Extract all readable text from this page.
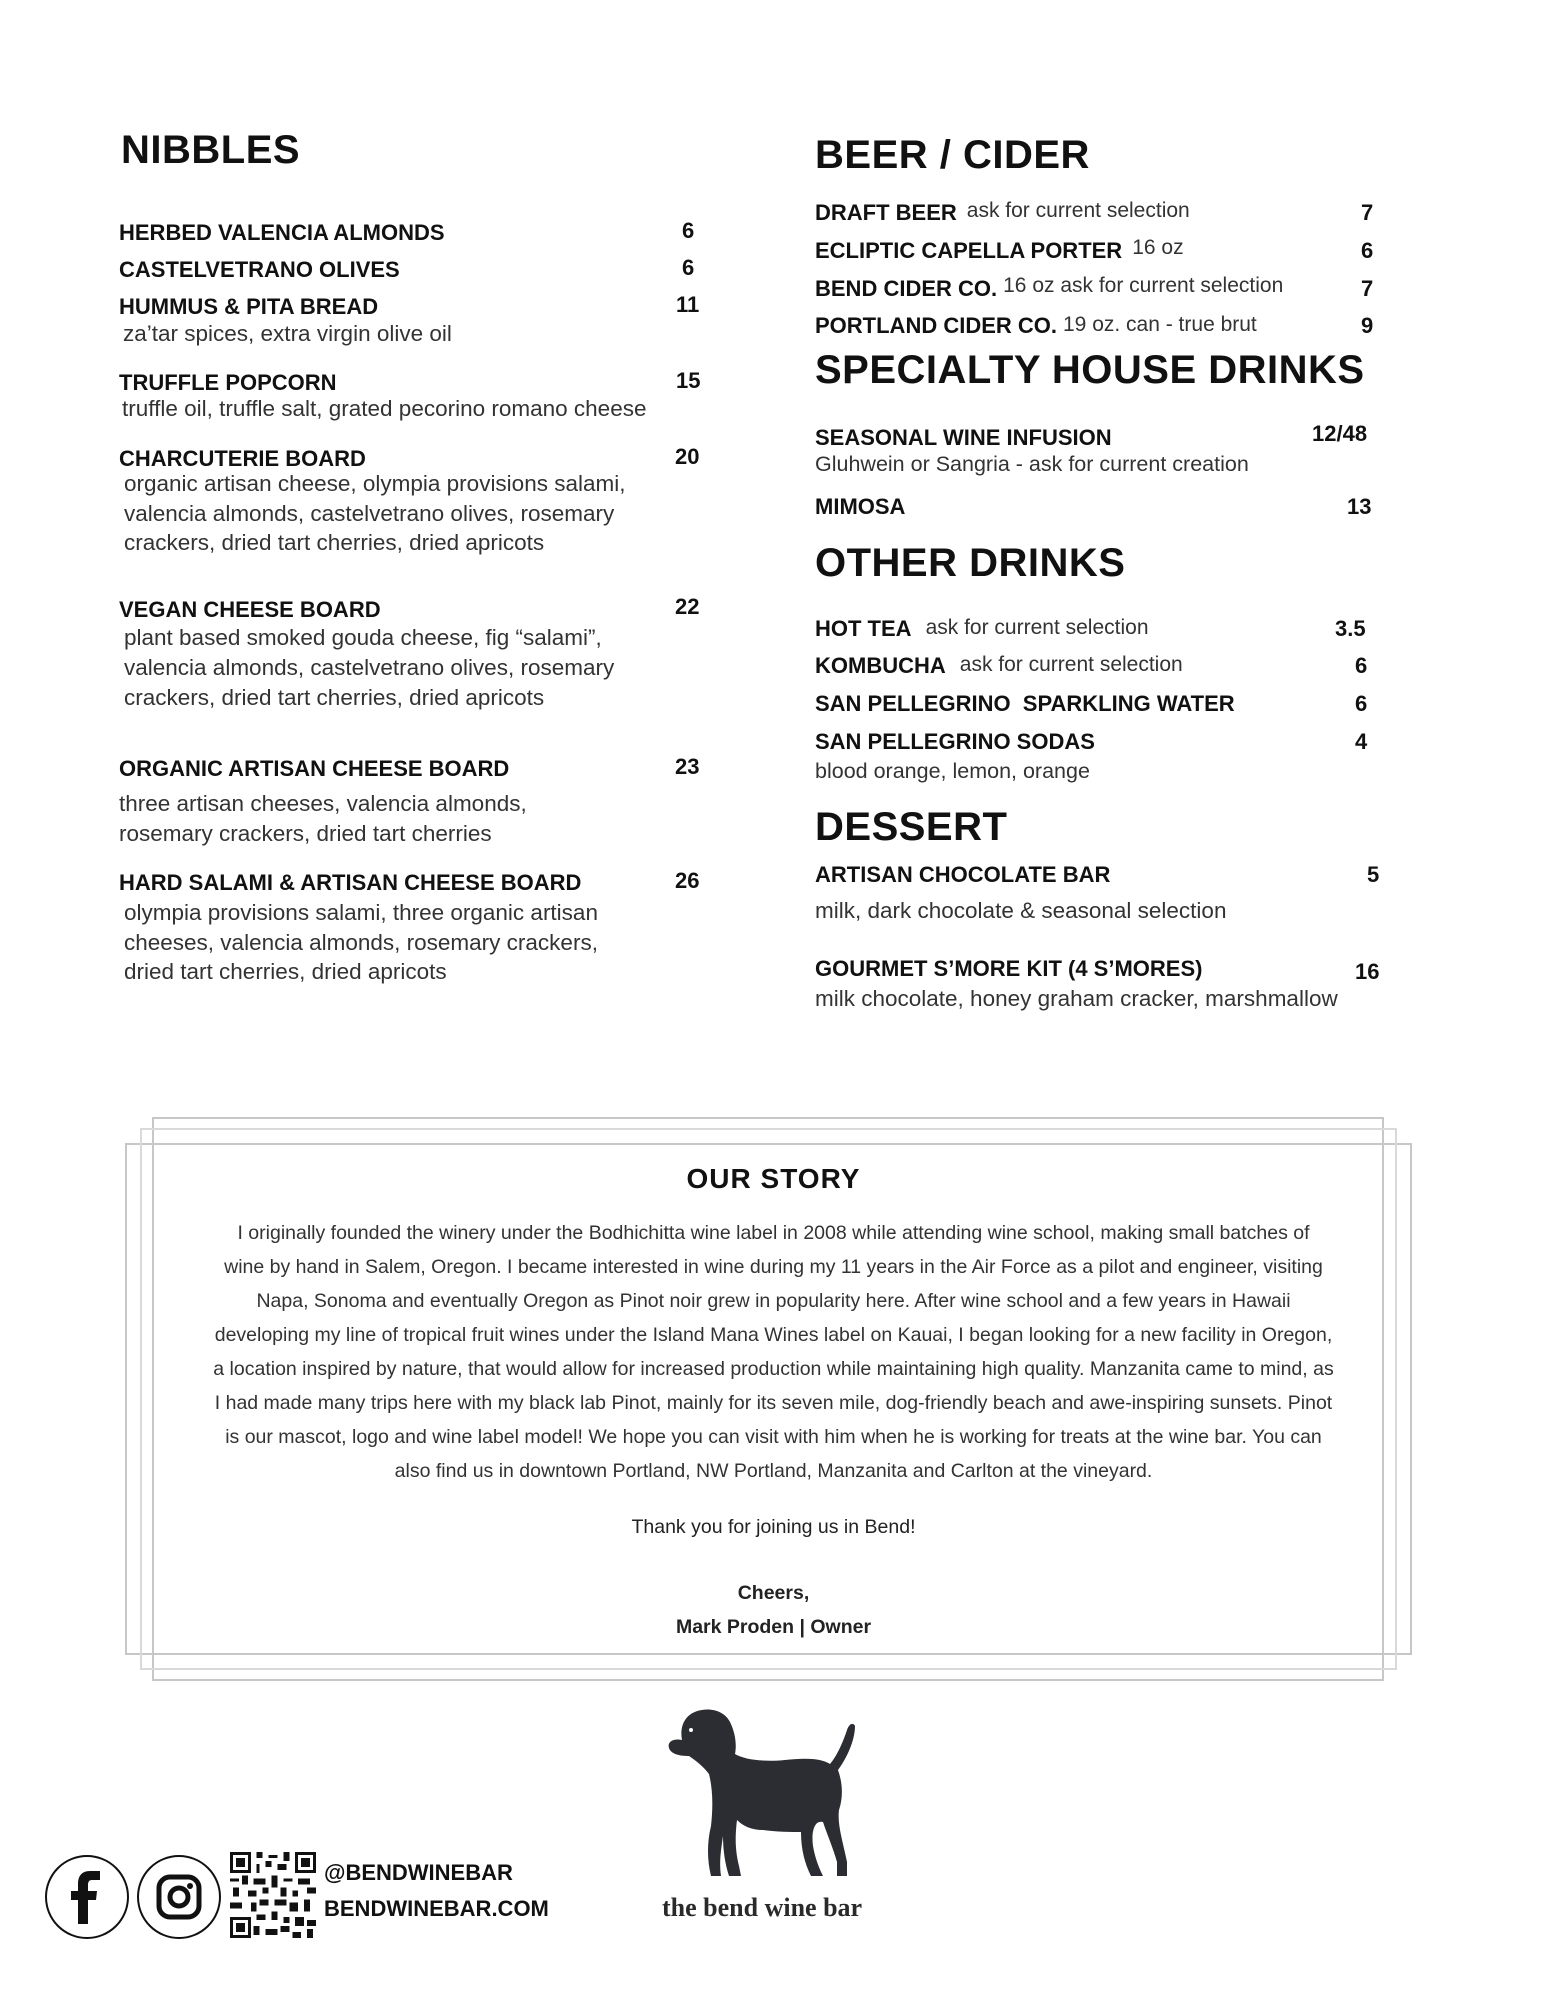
NIBBLES
HERBED VALENCIA ALMONDS	6
CASTELVETRANO OLIVES	6
HUMMUS & PITA BREAD	11
za’tar spices, extra virgin olive oil
TRUFFLE POPCORN	15
truffle oil, truffle salt, grated pecorino romano cheese
CHARCUTERIE BOARD	20
organic artisan cheese, olympia provisions salami,
valencia almonds, castelvetrano olives, rosemary
crackers, dried tart cherries, dried apricots
VEGAN CHEESE BOARD	22
plant based smoked gouda cheese, fig “salami”,
valencia almonds, castelvetrano olives, rosemary
crackers, dried tart cherries, dried apricots
ORGANIC ARTISAN CHEESE BOARD	23
three artisan cheeses, valencia almonds,
rosemary crackers, dried tart cherries
HARD SALAMI & ARTISAN CHEESE BOARD	26
olympia provisions salami, three organic artisan
cheeses, valencia almonds, rosemary crackers,
dried tart cherries, dried apricots
BEER / CIDER
DRAFT BEER ask for current selection	7
ECLIPTIC CAPELLA PORTER 16 oz	6
BEND CIDER CO. 16 oz ask for current selection	7
PORTLAND CIDER CO. 19 oz. can - true brut	9
SPECIALTY HOUSE DRINKS
SEASONAL WINE INFUSION	12/48
Gluhwein or Sangria - ask for current creation
MIMOSA	13
OTHER DRINKS
HOT TEA ask for current selection	3.5
KOMBUCHA ask for current selection	6
SAN PELLEGRINO  SPARKLING WATER	6
SAN PELLEGRINO SODAS	4
blood orange, lemon, orange
DESSERT
ARTISAN CHOCOLATE BAR	5
milk, dark chocolate & seasonal selection
GOURMET S’MORE KIT (4 S’MORES)	16
milk chocolate, honey graham cracker, marshmallow
OUR STORY
I originally founded the winery under the Bodhichitta wine label in 2008 while attending wine school, making small batches of
wine by hand in Salem, Oregon. I became interested in wine during my 11 years in the Air Force as a pilot and engineer, visiting
Napa, Sonoma and eventually Oregon as Pinot noir grew in popularity here. After wine school and a few years in Hawaii
developing my line of tropical fruit wines under the Island Mana Wines label on Kauai, I began looking for a new facility in Oregon,
a location inspired by nature, that would allow for increased production while maintaining high quality. Manzanita came to mind, as
I had made many trips here with my black lab Pinot, mainly for its seven mile, dog-friendly beach and awe-inspiring sunsets. Pinot
is our mascot, logo and wine label model! We hope you can visit with him when he is working for treats at the wine bar. You can
also find us in downtown Portland, NW Portland, Manzanita and Carlton at the vineyard.
Thank you for joining us in Bend!
Cheers,
Mark Proden | Owner
@BENDWINEBAR
BENDWINEBAR.COM	the bend wine bar
